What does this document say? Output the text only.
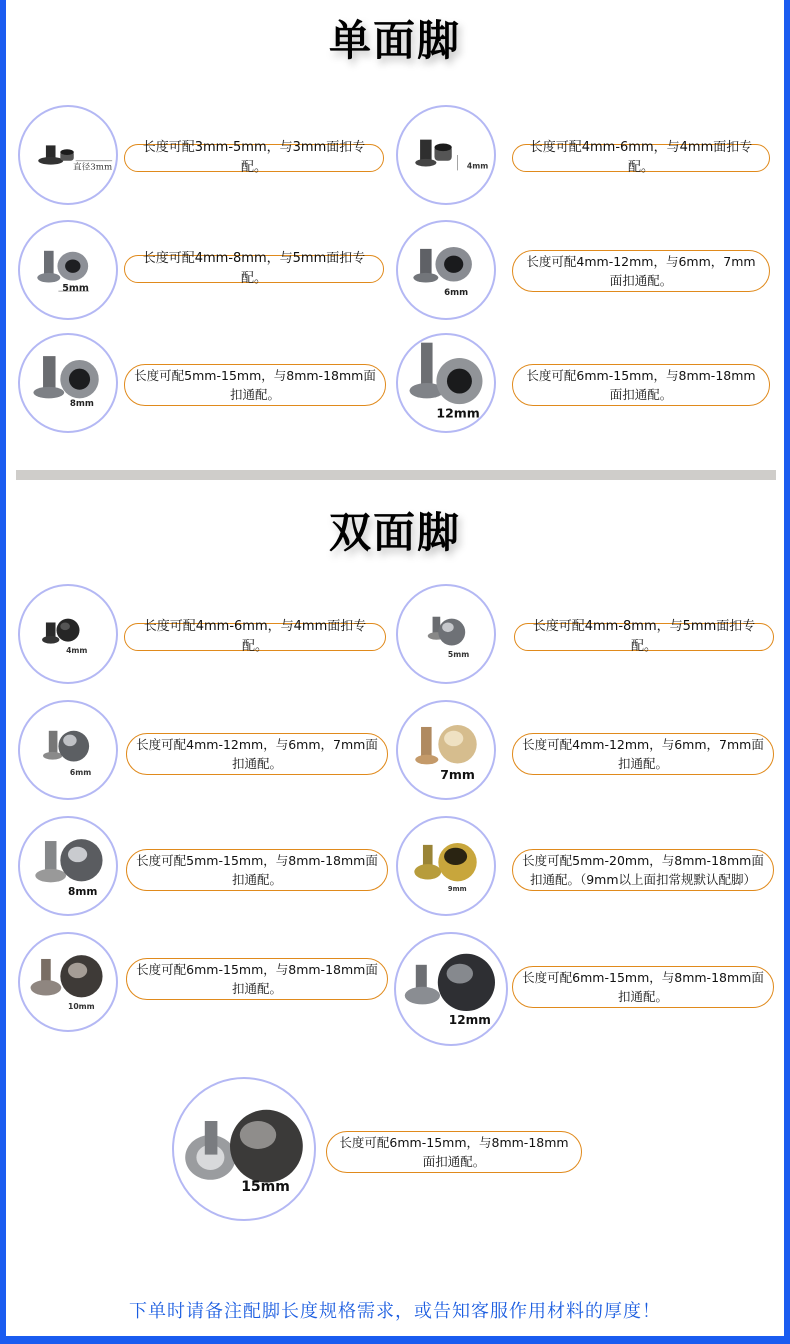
单面脚
直径3mm
长度可配3mm-5mm，与3mm面扣专配。	4mm
长度可配4mm-6mm，与4mm面扣专配。
5mm
长度可配4mm-8mm，与5mm面扣专配。
6mm
长度可配4mm-12mm，与6mm，7mm面扣通配。
8mm
长度可配5mm-15mm，与8mm-18mm面扣通配。
12mm
长度可配6mm-15mm，与8mm-18mm面扣通配。
双面脚
4mm
长度可配4mm-6mm，与4mm面扣专配。
5mm
长度可配4mm-8mm，与5mm面扣专配。
6mm
长度可配4mm-12mm，与6mm，7mm面扣通配。
7mm
长度可配4mm-12mm，与6mm，7mm面扣通配。
8mm
长度可配5mm-15mm，与8mm-18mm面扣通配。
9mm
长度可配5mm-20mm，与8mm-18mm面扣通配。（9mm以上面扣常规默认配脚）
10mm
长度可配6mm-15mm，与8mm-18mm面扣通配。
12mm
长度可配6mm-15mm，与8mm-18mm面扣通配。
15mm
长度可配6mm-15mm，与8mm-18mm面扣通配。
下单时请备注配脚长度规格需求，或告知客服作用材料的厚度！
